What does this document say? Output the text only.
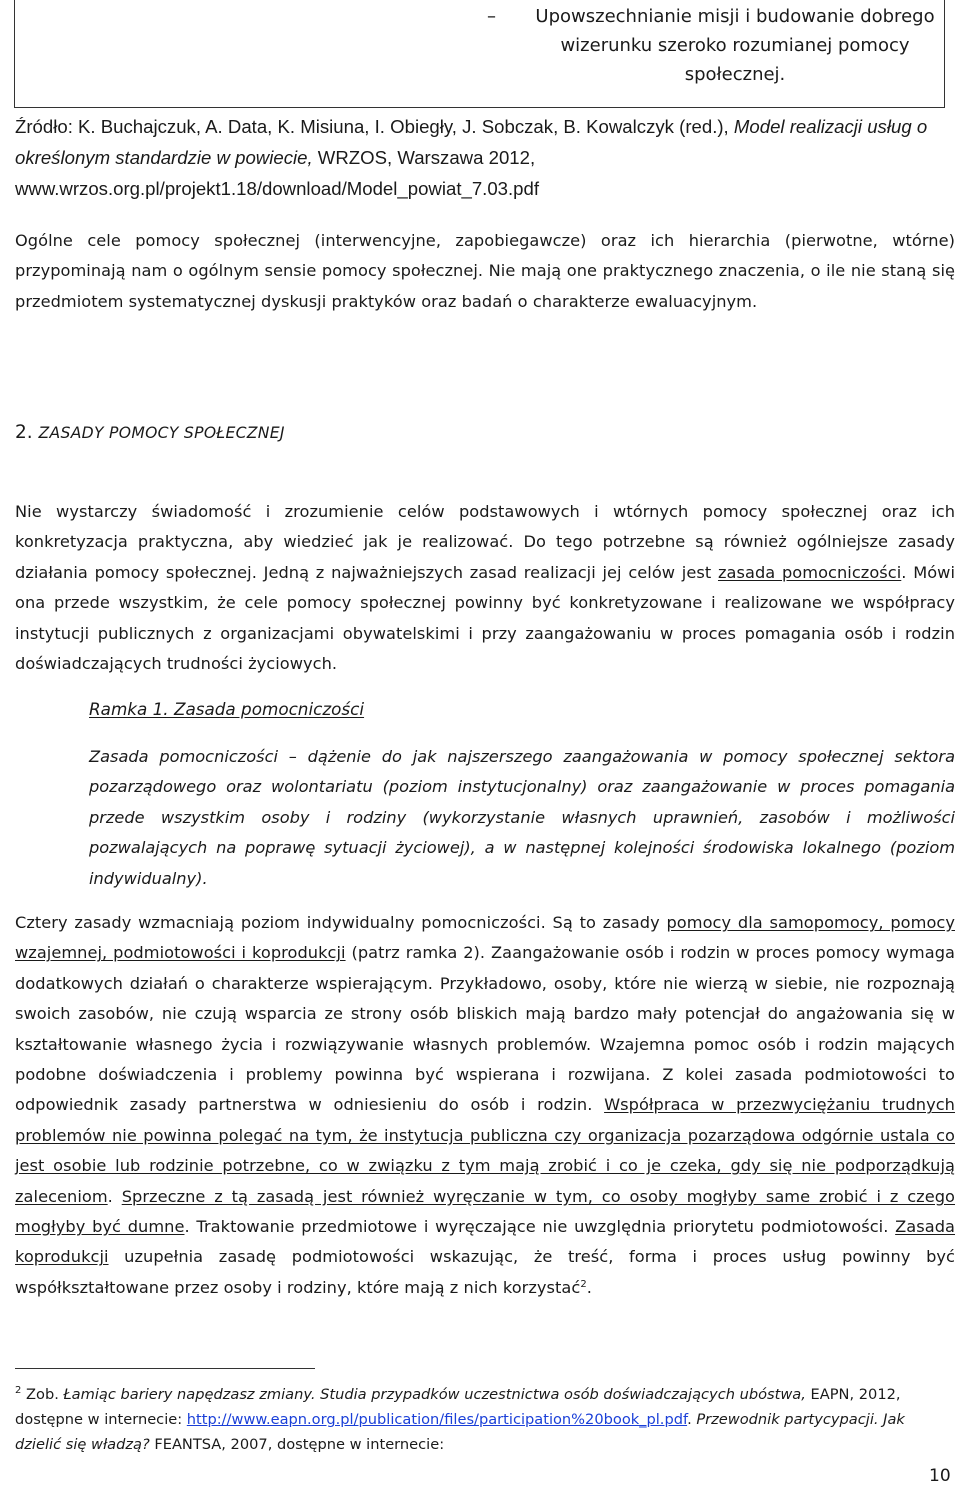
–	Upowszechnianie misji i budowanie dobrego wizerunku szeroko rozumianej pomocy społecznej.
Źródło: K. Buchajczuk, A. Data, K. Misiuna, I. Obiegły, J. Sobczak, B. Kowalczyk (red.), Model realizacji usług o określonym standardzie w powiecie, WRZOS, Warszawa 2012, www.wrzos.org.pl/projekt1.18/download/Model_powiat_7.03.pdf
Ogólne cele pomocy społecznej (interwencyjne, zapobiegawcze) oraz ich hierarchia (pierwotne, wtórne) przypominają nam o ogólnym sensie pomocy społecznej. Nie mają one praktycznego znaczenia, o ile nie staną się przedmiotem systematycznej dyskusji praktyków oraz badań o charakterze ewaluacyjnym.
2. ZASADY POMOCY SPOŁECZNEJ
Nie wystarczy świadomość i zrozumienie celów podstawowych i wtórnych pomocy społecznej oraz ich konkretyzacja praktyczna, aby wiedzieć jak je realizować. Do tego potrzebne są również ogólniejsze zasady działania pomocy społecznej. Jedną z najważniejszych zasad realizacji jej celów jest zasada pomocniczości. Mówi ona przede wszystkim, że cele pomocy społecznej powinny być konkretyzowane i realizowane we współpracy instytucji publicznych z organizacjami obywatelskimi i przy zaangażowaniu w proces pomagania osób i rodzin doświadczających trudności życiowych.
Ramka 1. Zasada pomocniczości
Zasada pomocniczości – dążenie do jak najszerszego zaangażowania w pomocy społecznej sektora pozarządowego oraz wolontariatu (poziom instytucjonalny) oraz zaangażowanie w proces pomagania przede wszystkim osoby i rodziny (wykorzystanie własnych uprawnień, zasobów i możliwości pozwalających na poprawę sytuacji życiowej), a w następnej kolejności środowiska lokalnego (poziom indywidualny).
Cztery zasady wzmacniają poziom indywidualny pomocniczości. Są to zasady pomocy dla samopomocy, pomocy wzajemnej, podmiotowości i koprodukcji (patrz ramka 2). Zaangażowanie osób i rodzin w proces pomocy wymaga dodatkowych działań o charakterze wspierającym. Przykładowo, osoby, które nie wierzą w siebie, nie rozpoznają swoich zasobów, nie czują wsparcia ze strony osób bliskich mają bardzo mały potencjał do angażowania się w kształtowanie własnego życia i rozwiązywanie własnych problemów. Wzajemna pomoc osób i rodzin mających podobne doświadczenia i problemy powinna być wspierana i rozwijana. Z kolei zasada podmiotowości to odpowiednik zasady partnerstwa w odniesieniu do osób i rodzin. Współpraca w przezwyciężaniu trudnych problemów nie powinna polegać na tym, że instytucja publiczna czy organizacja pozarządowa odgórnie ustala co jest osobie lub rodzinie potrzebne, co w związku z tym mają zrobić i co je czeka, gdy się nie podporządkują zaleceniom. Sprzeczne z tą zasadą jest również wyręczanie w tym, co osoby mogłyby same zrobić i z czego mogłyby być dumne. Traktowanie przedmiotowe i wyręczające nie uwzględnia priorytetu podmiotowości. Zasada koprodukcji uzupełnia zasadę podmiotowości wskazując, że treść, forma i proces usług powinny być współkształtowane przez osoby i rodziny, które mają z nich korzystać$^2$.
$^2$ Zob. Łamiąc bariery napędzasz zmiany. Studia przypadków uczestnictwa osób doświadczających ubóstwa, EAPN, 2012, dostępne w internecie: http://www.eapn.org.pl/publication/files/participation%20book_pl.pdf. Przewodnik partycypacji. Jak dzielić się władzą? FEANTSA, 2007, dostępne w internecie:
10
